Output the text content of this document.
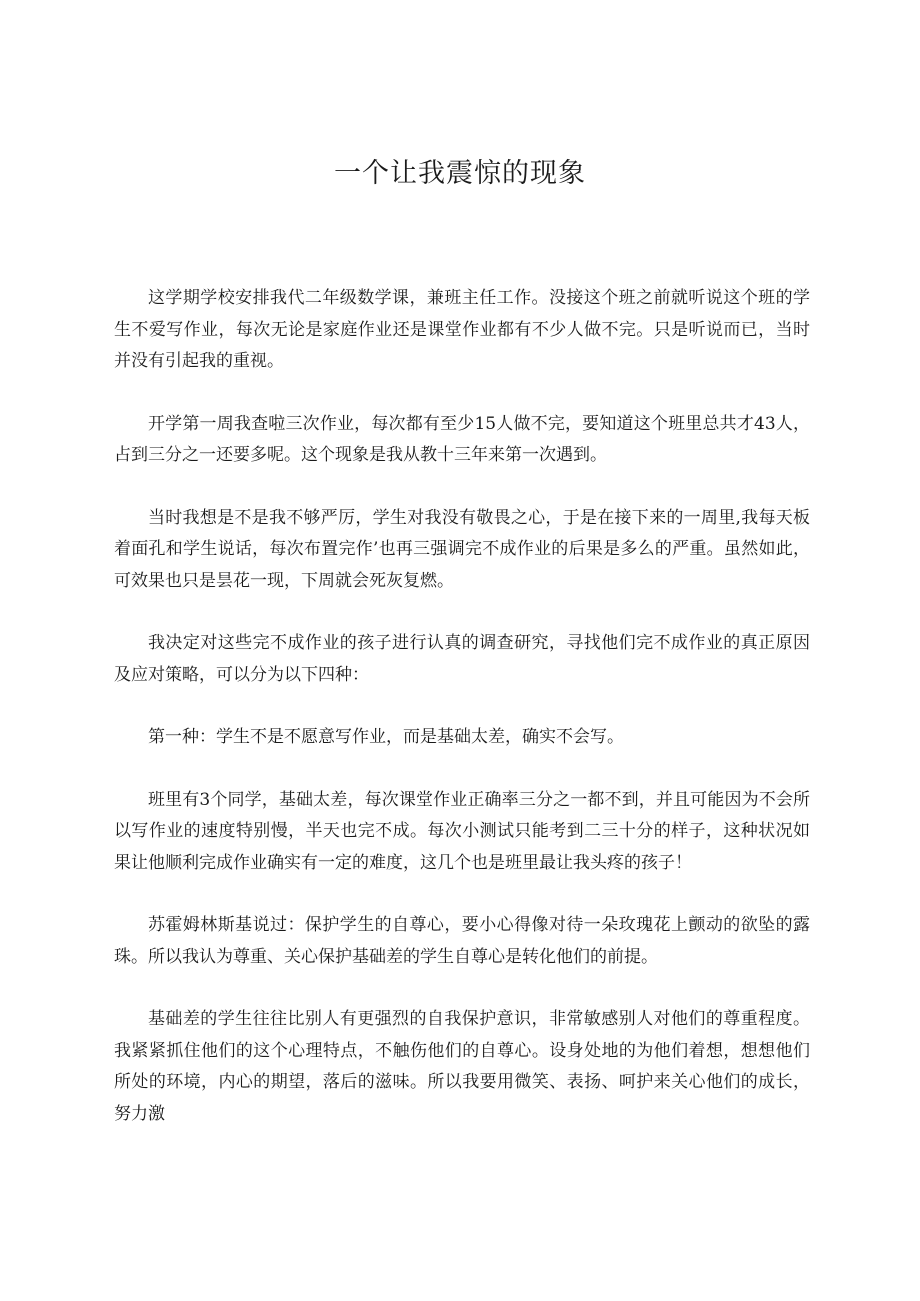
一个让我震惊的现象

这学期学校安排我代二年级数学课，兼班主任工作。没接这个班之前就听说这个班的学生不爱写作业，每次无论是家庭作业还是课堂作业都有不少人做不完。只是听说而已，当时并没有引起我的重视。

开学第一周我查啦三次作业，每次都有至少15人做不完，要知道这个班里总共才43人，占到三分之一还要多呢。这个现象是我从教十三年来第一次遇到。

当时我想是不是我不够严厉，学生对我没有敬畏之心，于是在接下来的一周里,我每天板着面孔和学生说话，每次布置完作’也再三强调完不成作业的后果是多么的严重。虽然如此，可效果也只是昙花一现，下周就会死灰复燃。

我决定对这些完不成作业的孩子进行认真的调查研究，寻找他们完不成作业的真正原因及应对策略，可以分为以下四种：

第一种：学生不是不愿意写作业，而是基础太差，确实不会写。

班里有3个同学，基础太差，每次课堂作业正确率三分之一都不到，并且可能因为不会所以写作业的速度特别慢，半天也完不成。每次小测试只能考到二三十分的样子，这种状况如果让他顺利完成作业确实有一定的难度，这几个也是班里最让我头疼的孩子！

苏霍姆林斯基说过：保护学生的自尊心，要小心得像对待一朵玫瑰花上颤动的欲坠的露珠。所以我认为尊重、关心保护基础差的学生自尊心是转化他们的前提。

基础差的学生往往比别人有更强烈的自我保护意识，非常敏感别人对他们的尊重程度。我紧紧抓住他们的这个心理特点，不触伤他们的自尊心。设身处地的为他们着想，想想他们所处的环境，内心的期望，落后的滋味。所以我要用微笑、表扬、呵护来关心他们的成长，努力激
